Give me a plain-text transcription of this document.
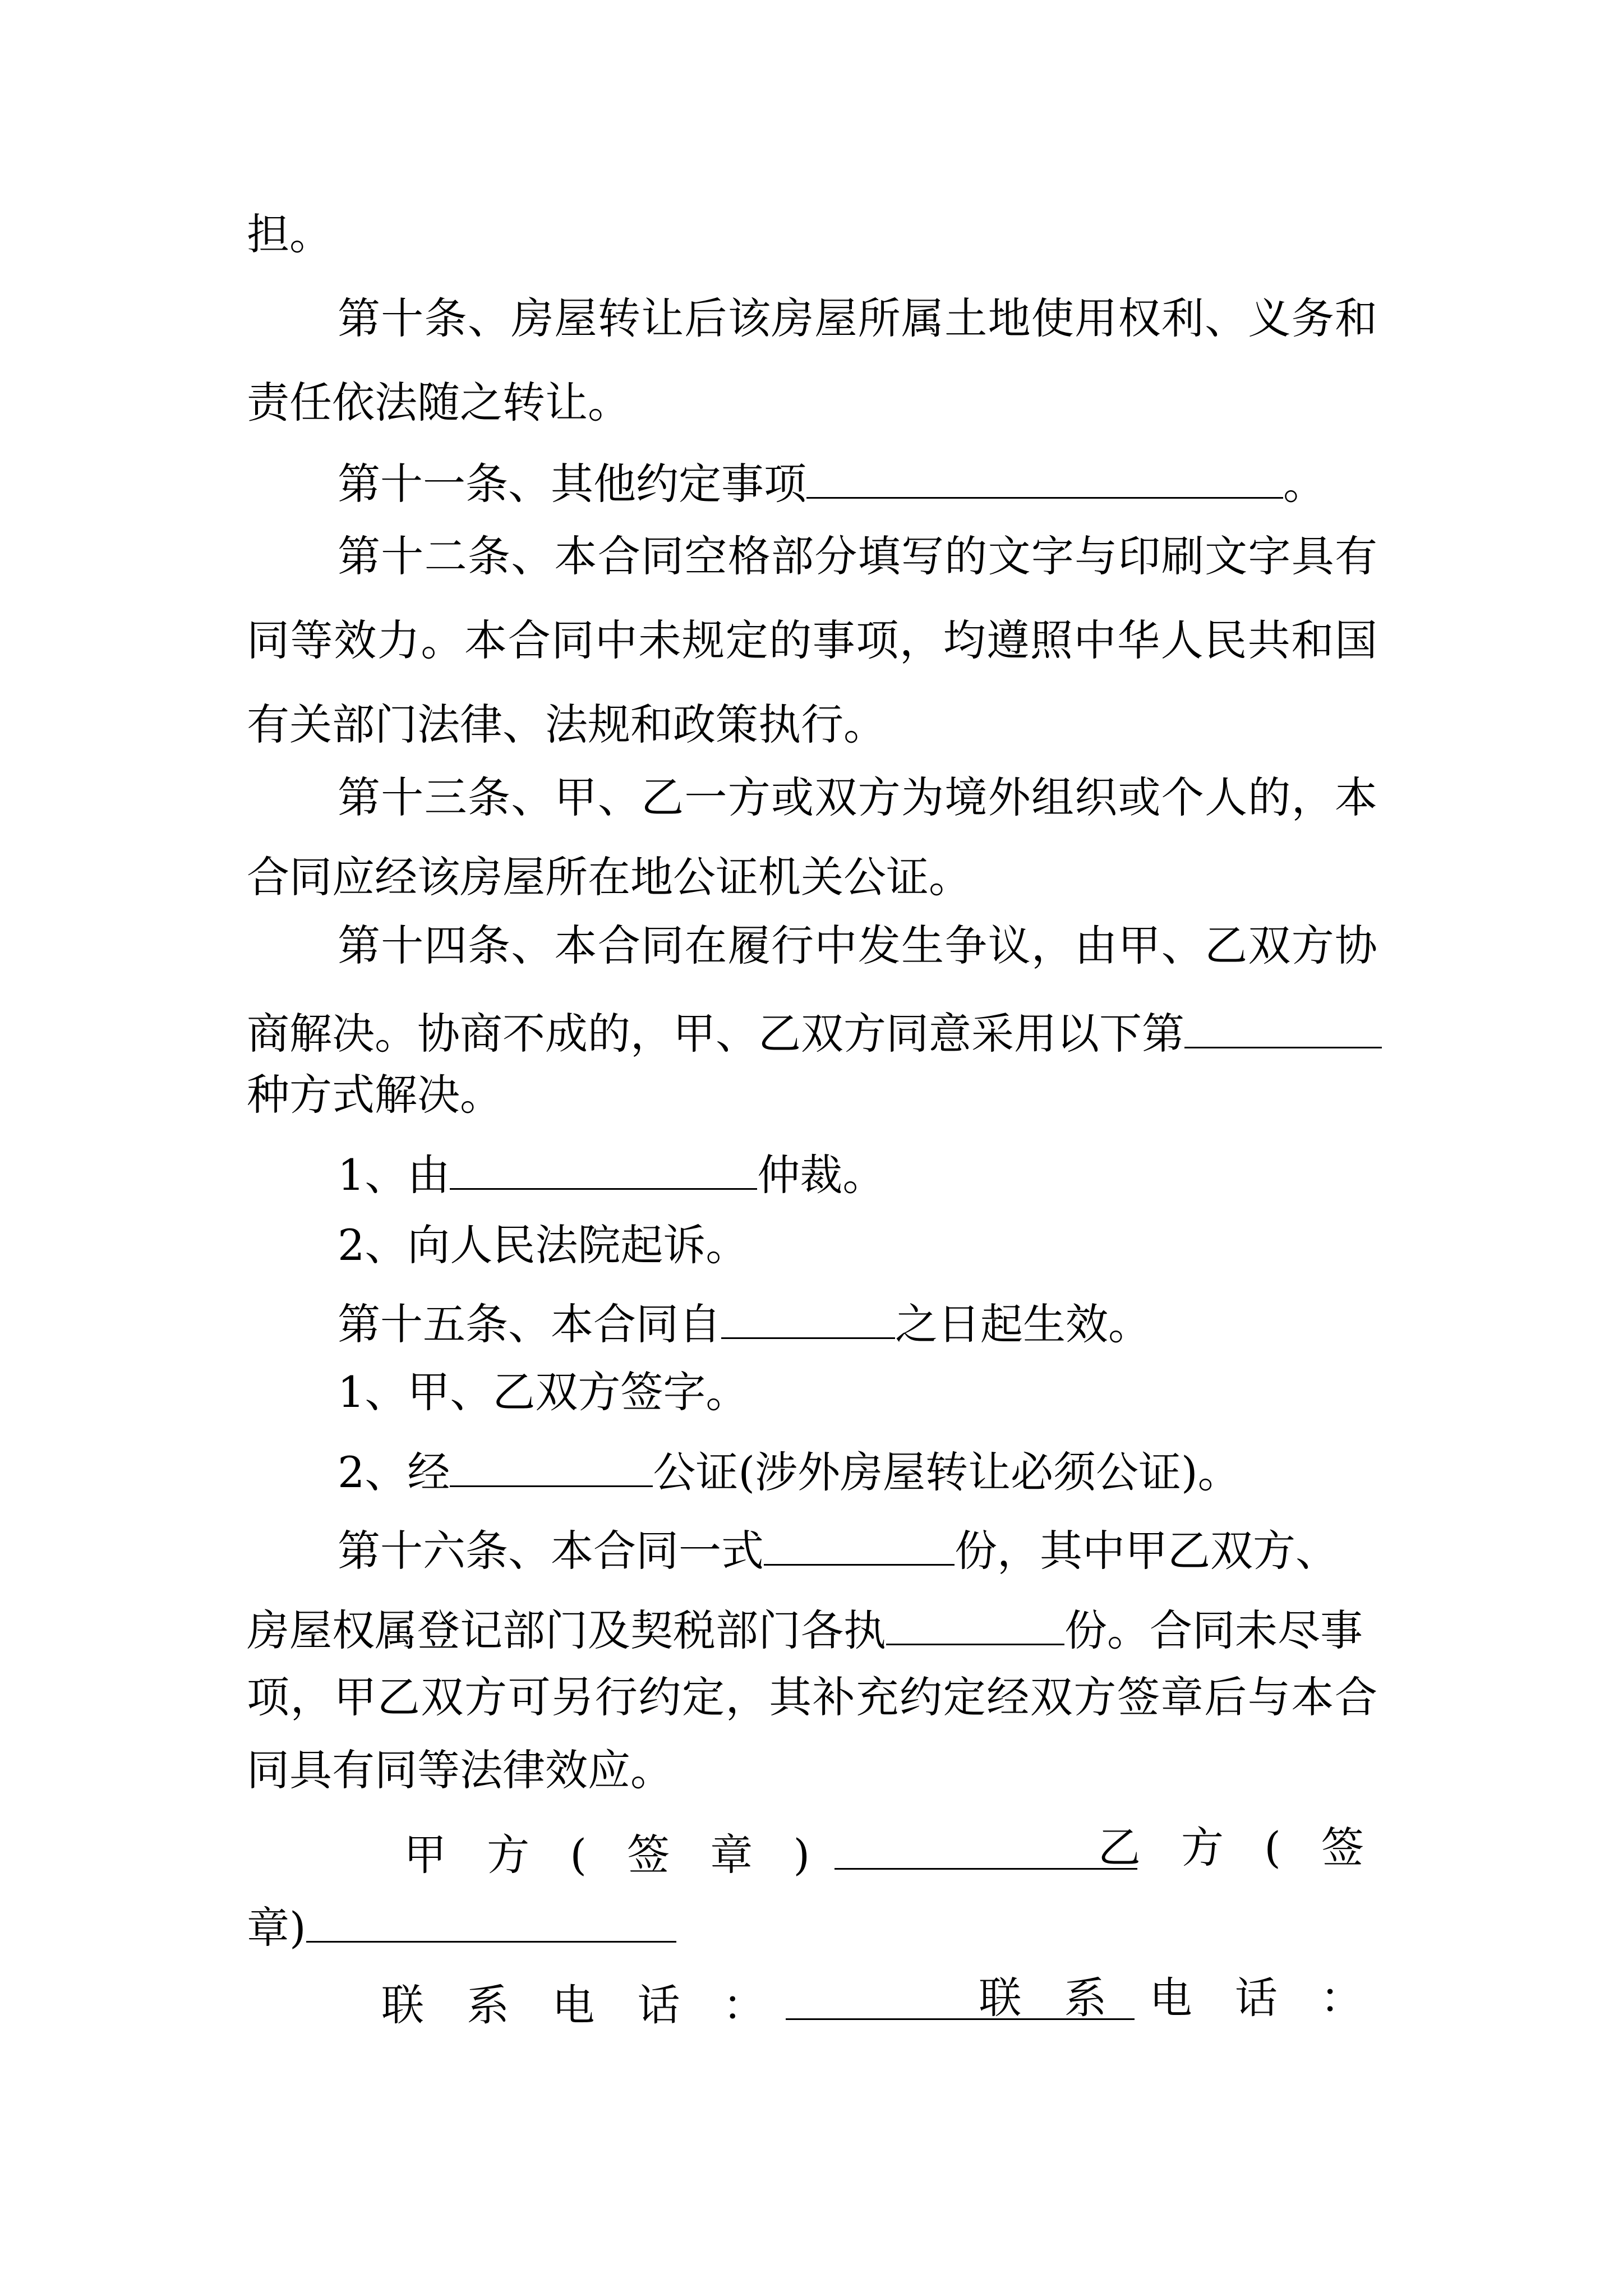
担。
第十条、房屋转让后该房屋所属土地使用权利、义务和
责任依法随之转让。
第十一条、其他约定事项	。
第十二条、本合同空格部分填写的文字与印刷文字具有
同等效力。本合同中未规定的事项，均遵照中华人民共和国
有关部门法律、法规和政策执行。
第十三条、甲、乙一方或双方为境外组织或个人的，本
合同应经该房屋所在地公证机关公证。
第十四条、本合同在履行中发生争议，由甲、乙双方协
商解决。协商不成的，甲、乙双方同意采用以下第
种方式解决。
1、由	仲裁。
2、向人民法院起诉。
第十五条、本合同自	之日起生效。
1、甲、乙双方签字。
2、经	公证(涉外房屋转让必须公证)。
第十六条、本合同一式	份，其中甲乙双方、
房屋权属登记部门及契税部门各执	份。合同未尽事
项，甲乙双方可另行约定，其补充约定经双方签章后与本合
同具有同等法律效应。
甲 方 ( 签 章 )	乙 方 ( 签
章)
联 系 电 话 ：	联 系 电 话 ：
